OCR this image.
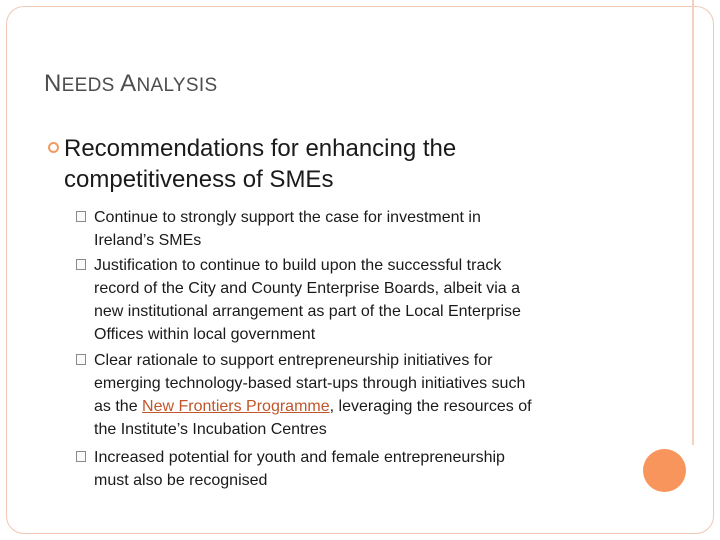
NEEDS ANALYSIS
Recommendations for enhancing the
competitiveness of SMEs
Continue to strongly support the case for investment in
Ireland’s SMEs
Justification to continue to build upon the successful track
record of the City and County Enterprise Boards, albeit via a
new institutional arrangement as part of the Local Enterprise
Offices within local government
Clear rationale to support entrepreneurship initiatives for
emerging technology-based start-ups through initiatives such
as the New Frontiers Programme, leveraging the resources of
the Institute’s Incubation Centres
Increased potential for youth and female entrepreneurship
must also be recognised
